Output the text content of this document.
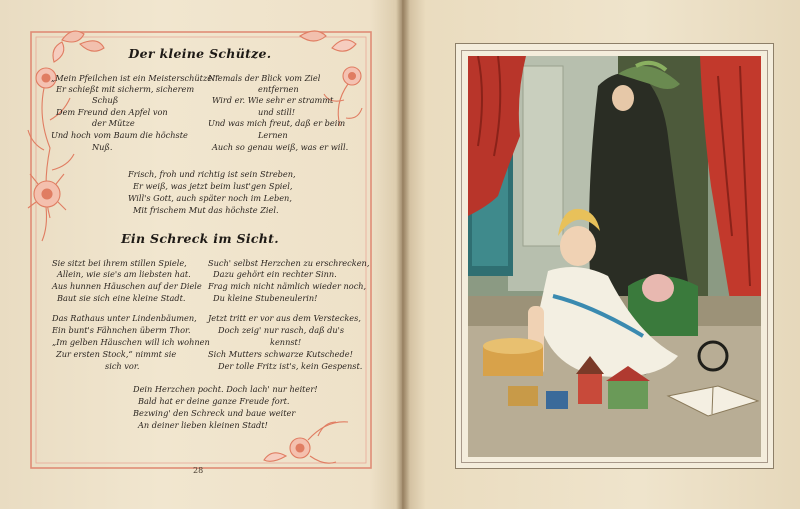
Der kleine Schütze.
„Mein Pfeilchen ist ein Meisterschütze!“
Er schießt mit sicherm, sicherem
Schuß
Dem Freund den Apfel von
der Mütze
Und hoch vom Baum die höchste
Nuß.
Niemals der Blick vom Ziel
entfernen
Wird er. Wie sehr er strammt
und still!
Und was mich freut, daß er beim
Lernen
Auch so genau weiß, was er will.
Frisch, froh und richtig ist sein Streben,
Er weiß, was jetzt beim lust'gen Spiel,
Will's Gott, auch später noch im Leben,
Mit frischem Mut das höchste Ziel.
Ein Schreck im Sicht.
Sie sitzt bei ihrem stillen Spiele,
Allein, wie sie's am liebsten hat.
Aus hunnen Häuschen auf der Diele
Baut sie sich eine kleine Stadt.
Such' selbst Herzchen zu erschrecken,
Dazu gehört ein rechter Sinn.
Frag mich nicht nämlich wieder noch,
Du kleine Stubeneulerin!
Das Rathaus unter Lindenbäumen,
Ein bunt's Fähnchen überm Thor.
„Im gelben Häuschen will ich wohnen
Zur ersten Stock,“ nimmt sie
sich vor.
Jetzt tritt er vor aus dem Versteckes,
Doch zeig' nur rasch, daß du's
kennst!
Sich Mutters schwarze Kutschede!
Der tolle Fritz ist's, kein Gespenst.
Dein Herzchen pocht. Doch lach' nur heiter!
Bald hat er deine ganze Freude fort.
Bezwing' den Schreck und baue weiter
An deiner lieben kleinen Stadt!
28
